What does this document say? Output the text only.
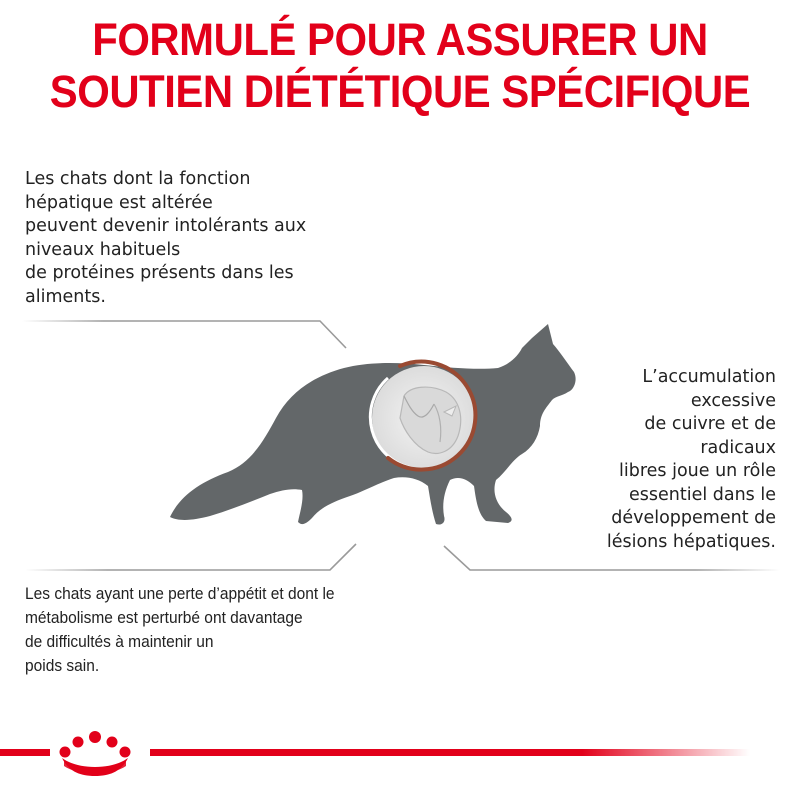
FORMULÉ POUR ASSURER UN
SOUTIEN DIÉTÉTIQUE SPÉCIFIQUE
Les chats dont la fonction
hépatique est altérée
peuvent devenir intolérants aux
niveaux habituels
de protéines présents dans les
aliments.
L’accumulation
excessive
de cuivre et de
radicaux
libres joue un rôle
essentiel dans le
développement de
lésions hépatiques.
Les chats ayant une perte d’appétit et dont le
métabolisme est perturbé ont davantage
de difficultés à maintenir un
poids sain.
